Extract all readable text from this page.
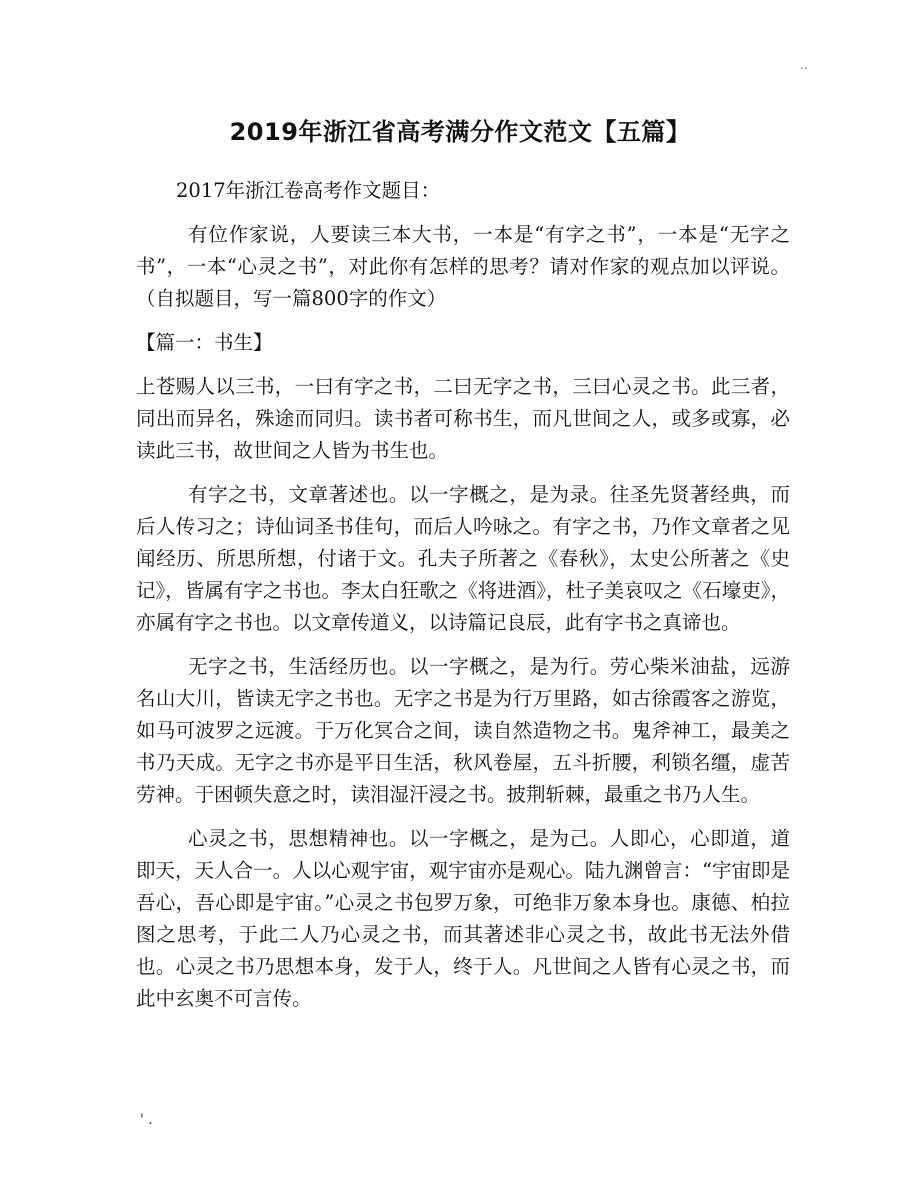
..
2019年浙江省高考满分作文范文【五篇】

2017年浙江卷高考作文题目：

有位作家说，人要读三本大书，一本是“有字之书”，一本是“无字之书”，一本“心灵之书”，对此你有怎样的思考？请对作家的观点加以评说。（自拟题目，写一篇800字的作文）

【篇一：书生】

上苍赐人以三书，一曰有字之书，二曰无字之书，三曰心灵之书。此三者，同出而异名，殊途而同归。读书者可称书生，而凡世间之人，或多或寡，必读此三书，故世间之人皆为书生也。

有字之书，文章著述也。以一字概之，是为录。往圣先贤著经典，而后人传习之；诗仙词圣书佳句，而后人吟咏之。有字之书，乃作文章者之见闻经历、所思所想，付诸于文。孔夫子所著之《春秋》，太史公所著之《史记》，皆属有字之书也。李太白狂歌之《将进酒》，杜子美哀叹之《石壕吏》，亦属有字之书也。以文章传道义，以诗篇记良辰，此有字书之真谛也。

无字之书，生活经历也。以一字概之，是为行。劳心柴米油盐，远游名山大川，皆读无字之书也。无字之书是为行万里路，如古徐霞客之游览，如马可波罗之远渡。于万化冥合之间，读自然造物之书。鬼斧神工，最美之书乃天成。无字之书亦是平日生活，秋风卷屋，五斗折腰，利锁名缰，虚苦劳神。于困顿失意之时，读泪湿汗浸之书。披荆斩棘，最重之书乃人生。

心灵之书，思想精神也。以一字概之，是为己。人即心，心即道，道即天，天人合一。人以心观宇宙，观宇宙亦是观心。陆九渊曾言：“宇宙即是吾心，吾心即是宇宙。”心灵之书包罗万象，可绝非万象本身也。康德、柏拉图之思考，于此二人乃心灵之书，而其著述非心灵之书，故此书无法外借也。心灵之书乃思想本身，发于人，终于人。凡世间之人皆有心灵之书，而此中玄奥不可言传。

' .
